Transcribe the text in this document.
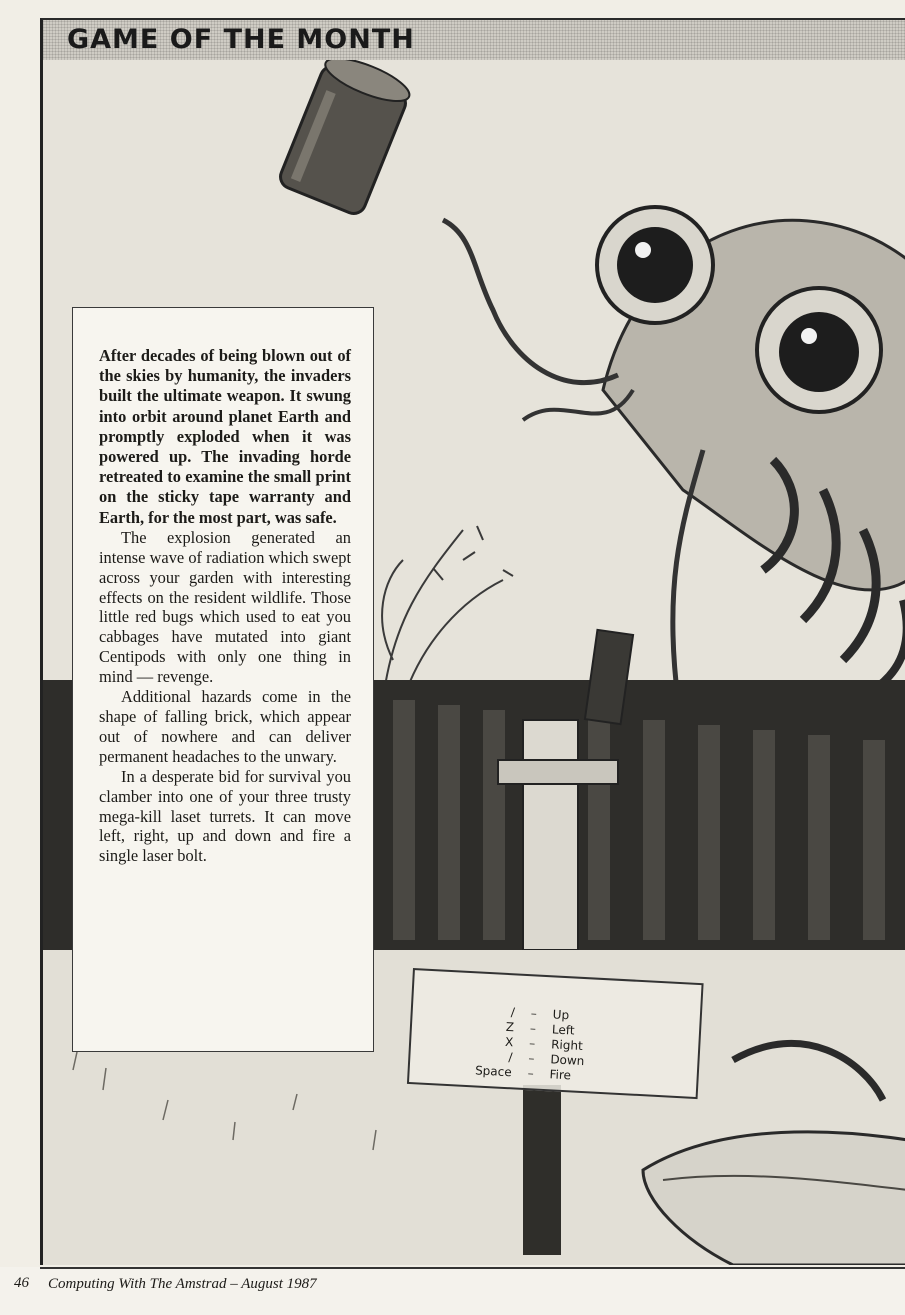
GAME OF THE MONTH

After decades of being blown out of the skies by humanity, the invaders built the ultimate weapon. It swung into orbit around planet Earth and promptly exploded when it was powered up. The invading horde retreated to examine the small print on the sticky tape warranty and Earth, for the most part, was safe.

The explosion generated an intense wave of radiation which swept across your garden with interesting effects on the resident wildlife. Those little red bugs which used to eat you cabbages have mutated into giant Centipods with only one thing in mind — revenge.

Additional hazards come in the shape of falling brick, which appear out of nowhere and can deliver permanent headaches to the unwary.

In a desperate bid for survival you clamber into one of your three trusty mega-kill laset turrets. It can move left, right, up and down and fire a single laser bolt.

/ – Up
Z – Left
X – Right
/ – Down
Space – Fire
46 Computing With The Amstrad – August 1987
